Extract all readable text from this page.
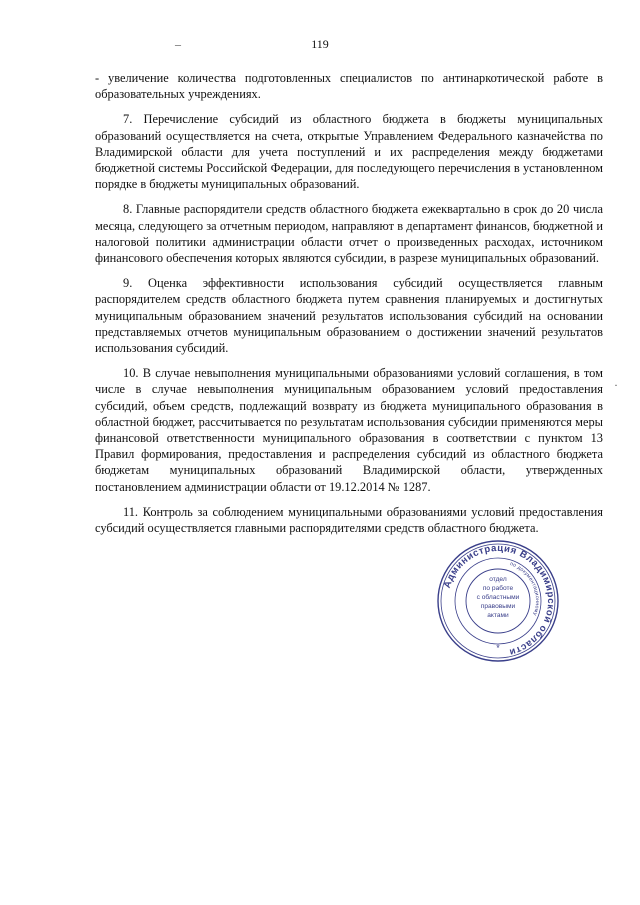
119
–

- увеличение количества подготовленных специалистов по антинаркотической работе в образовательных учреждениях.

7. Перечисление субсидий из областного бюджета в бюджеты муниципальных образований осуществляется на счета, открытые Управлением Федерального казначейства по Владимирской области для учета поступлений и их распределения между бюджетами бюджетной системы Российской Федерации, для последующего перечисления в установленном порядке в бюджеты муниципальных образований.

8. Главные распорядители средств областного бюджета ежеквартально в срок до 20 числа месяца, следующего за отчетным периодом, направляют в департамент финансов, бюджетной и налоговой политики администрации области отчет о произведенных расходах, источником финансового обеспечения которых являются субсидии, в разрезе муниципальных образований.

9. Оценка эффективности использования субсидий осуществляется главным распорядителем средств областного бюджета путем сравнения планируемых и достигнутых муниципальным образованием значений результатов использования субсидий на основании представляемых отчетов муниципальным образованием о достижении значений результатов использования субсидий.

10. В случае невыполнения муниципальными образованиями условий соглашения, в том числе в случае невыполнения муниципальным образованием условий предоставления субсидий, объем средств, подлежащий возврату из бюджета муниципального образования в областной бюджет, рассчитывается по результатам использования субсидии применяются меры финансовой ответственности муниципального образования в соответствии с пунктом 13 Правил формирования, предоставления и распределения субсидий из областного бюджета бюджетам муниципальных образований Владимирской области, утвержденных постановлением администрации области от 19.12.2014 № 1287.

11. Контроль за соблюдением муниципальными образованиями условий предоставления субсидий осуществляется главными распорядителями средств областного бюджета.

·
Администрация Владимирской области
по документационному
отдел
по работе
с областными
правовыми
актами
*
